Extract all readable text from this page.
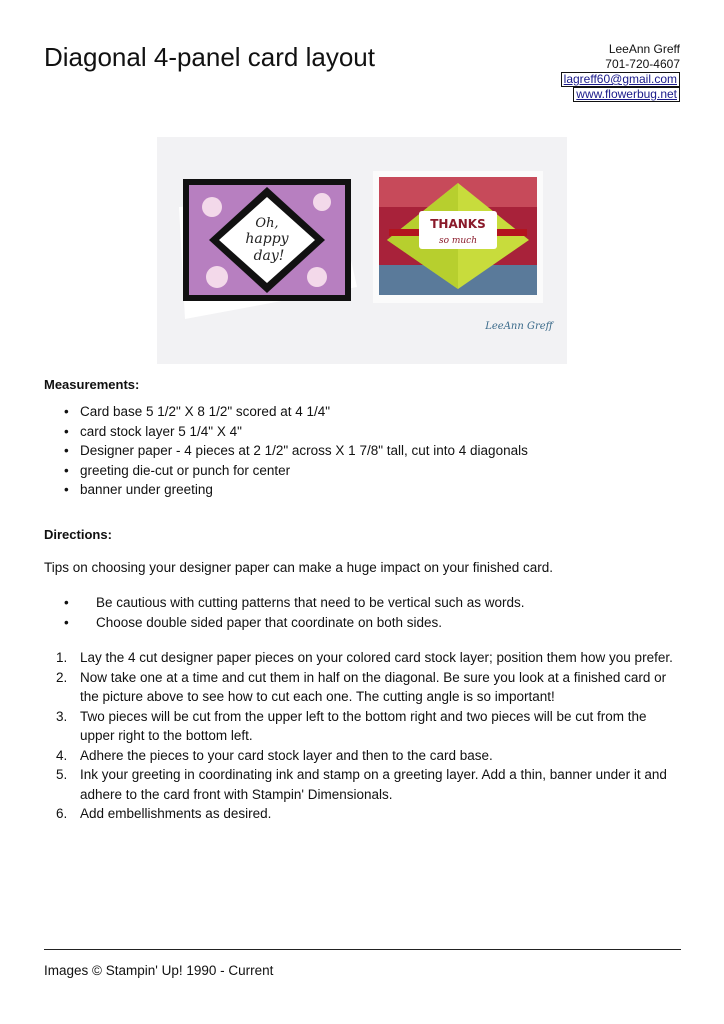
Diagonal 4-panel card layout	LeeAnn Greff
701-720-4607
lagreff60@gmail.com
www.flowerbug.net
Oh,
happy
day!
THANKS
so much
LeeAnn Greff
Measurements:
• Card base 5 1/2" X 8 1/2" scored at 4 1/4"
• card stock layer 5 1/4" X 4"
• Designer paper - 4 pieces at 2 1/2" across X 1 7/8" tall, cut into 4 diagonals
• greeting die-cut or punch for center
• banner under greeting
Directions:

Tips on choosing your designer paper can make a huge impact on your finished card.

• Be cautious with cutting patterns that need to be vertical such as words.
• Choose double sided paper that coordinate on both sides.
1. Lay the 4 cut designer paper pieces on your colored card stock layer; position them how you prefer.
2. Now take one at a time and cut them in half on the diagonal. Be sure you look at a finished card or the picture above to see how to cut each one. The cutting angle is so important!
3. Two pieces will be cut from the upper left to the bottom right and two pieces will be cut from the upper right to the bottom left.
4. Adhere the pieces to your card stock layer and then to the card base.
5. Ink your greeting in coordinating ink and stamp on a greeting layer. Add a thin, banner under it and adhere to the card front with Stampin' Dimensionals.
6. Add embellishments as desired.

Images © Stampin' Up! 1990 - Current
